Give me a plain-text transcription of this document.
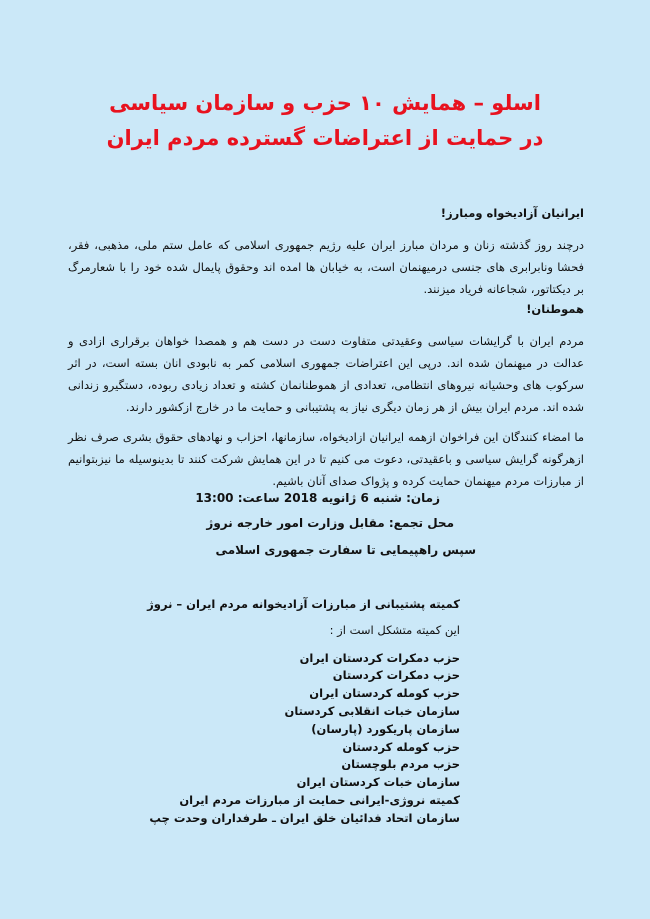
اسلو – همایش ۱۰ حزب و سازمان سیاسی
در حمایت از اعتراضات گسترده مردم ایران
ایرانیان آزادیخواه ومبارز!
درچند روز گذشته زنان و مردان مبارز ایران علیه رژیم جمهوری اسلامی که عامل ستم ملی، مذهبی، فقر، فحشا ونابرابری های جنسی درمیهنمان است، به خیابان ها امده اند وحقوق پایمال شده خود را با شعارمرگ بر دیکتاتور، شجاعانه فریاد میزنند.
هموطنان!
مردم ایران با گرایشات سیاسی وعقیدتی متفاوت دست در دست هم و همصدا خواهان برقراری ازادی و عدالت در میهنمان شده اند. درپی این اعتراضات جمهوری اسلامی کمر به نابودی انان بسته است، در اثر سرکوب های وحشیانه نیروهای انتظامی، تعدادی از هموطنانمان کشته و تعداد زیادی ربوده، دستگیرو زندانی شده اند. مردم ایران بیش از هر زمان دیگری نیاز به پشتیبانی و حمایت ما در خارج ازکشور دارند.
ما امضاء کنندگان این فراخوان ازهمه ایرانیان ازادیخواه، سازمانها، احزاب و نهادهای حقوق بشری صرف نظر ازهرگونه گرایش سیاسی و باعقیدتی، دعوت می کنیم تا در این همایش شرکت کنند تا بدینوسیله ما نیزبتوانیم از مبارزات مردم میهنمان حمایت کرده و پژواک صدای آنان باشیم.
زمان: شنبه 6 ژانویه 2018 ساعت: 13:00
محل تجمع: مقابل وزارت امور خارجه نروژ
سپس راهپیمایی تا سفارت جمهوری اسلامی
کمیته پشتیبانی از مبارزات آزادیخوانه مردم ایران – نروژ
این کمیته متشکل است از :
حزب دمکرات کردستان ایران
حزب دمکرات کردستان
حزب کومله کردستان ایران
سازمان خبات انقلابی کردستان
سازمان پاریکورد (پارسان)
حزب کومله کردستان
حزب مردم بلوچستان
سازمان خبات کردستان ایران
کمیته نروژی-ایرانی حمایت از مبارزات مردم ایران
سازمان اتحاد فدائیان خلق ایران ـ طرفداران وحدت چپ
